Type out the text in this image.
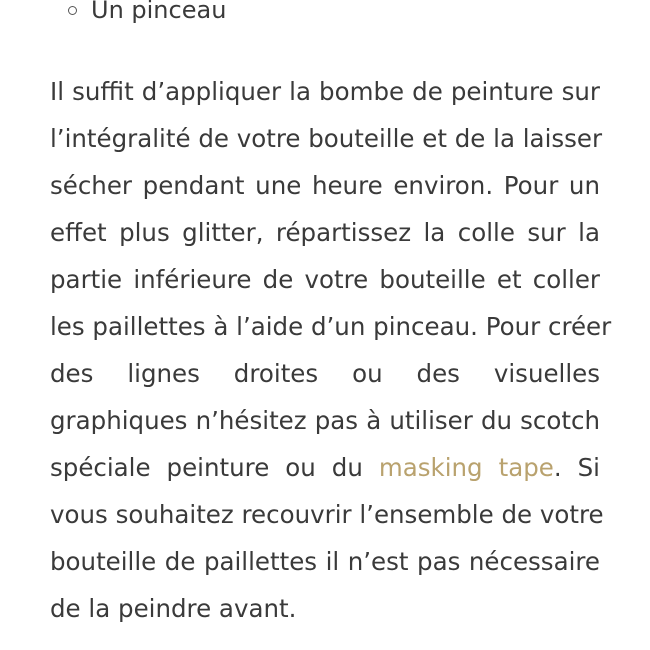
Un pinceau

Il suffit d’appliquer la bombe de peinture sur
l’intégralité de votre bouteille et de la laisser
sécher pendant une heure environ. Pour un
effet plus glitter, répartissez la colle sur la
partie inférieure de votre bouteille et coller
les paillettes à l’aide d’un pinceau. Pour créer
des lignes droites ou des visuelles
graphiques n’hésitez pas à utiliser du scotch
spéciale peinture ou du masking tape. Si
vous souhaitez recouvrir l’ensemble de votre
bouteille de paillettes il n’est pas nécessaire
de la peindre avant.
